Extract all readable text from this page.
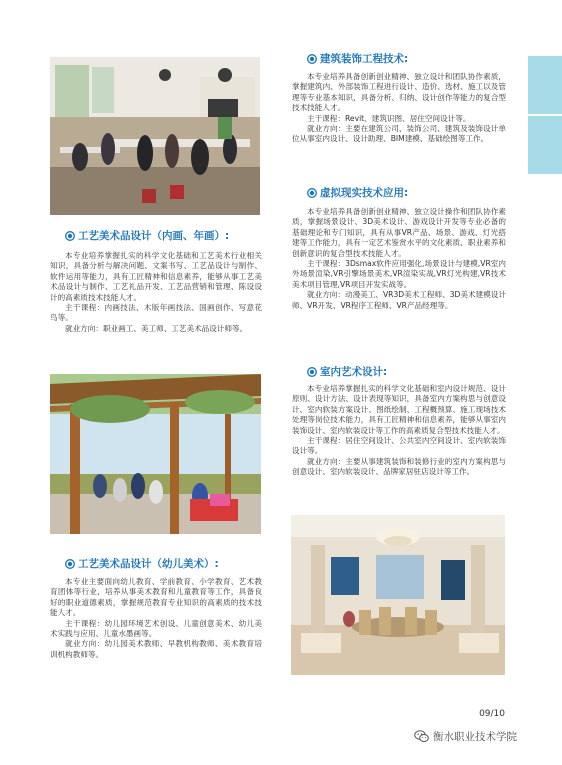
工艺美术品设计（内画、年画）:

本专业培养掌握扎实的科学文化基础和工艺美术行业相关知识，具备分析与解决问题、文案书写、工艺品设计与制作、软件运用等能力，具有工匠精神和信息素养，能够从事工艺美术品设计与制作、工艺礼品开发、工艺品营销和管理、陈设设计的高素质技术技能人才。

主干课程：内画技法、木版年画技法、国画创作、写意花鸟等。

就业方向：职业画工、美工师、工艺美术品设计师等。

工艺美术品设计（幼儿美术）:

本专业主要面向幼儿教育、学前教育、小学教育、艺术教育团体等行业，培养从事美术教育和儿童教育等工作，具备良好的职业道德素质，掌握规范教育专业知识的高素质的技术技能人才。

主干课程：幼儿园环境艺术创设、儿童创意美术、幼儿美术实践与应用、儿童水墨画等。

就业方向：幼儿园美术教师、早教机构教师、美术教育培训机构教师等。

建筑装饰工程技术:

本专业培养具备创新创业精神、独立设计和团队协作素质，掌握建筑内、外部装饰工程进行设计、造价、选材、施工以及管理等专业基本知识，具备分析、归纳、设计创作等能力的复合型技术技能人才。

主干课程：Revit、建筑识图、居住空间设计等。

就业方向：主要在建筑公司、装饰公司、建筑及装饰设计单位从事室内设计、设计助理、BIM建模、基础绘图等工作。

虚拟现实技术应用:

本专业培养具备创新创业精神、独立设计操作和团队协作素质，掌握场景设计、3D美术设计、游戏设计开发等专业必备的基础理论和专门知识，具有从事VR产品、场景、游戏、灯光搭建等工作能力，具有一定艺术鉴赏水平的文化素质、职业素养和创新意识的复合型技术技能人才。

主干课程：3Dsmax软件应用强化,场景设计与建模,VR室内外场景渲染,VR引擎场景美术,VR渲染实战,VR灯光构建,VR技术美术项目管理,VR项目开发实战等。

就业方向：动漫美工、VR3D美术工程师、3D美术建模设计师、VR开发、VR程序工程师、VR产品经理等。

室内艺术设计:

本专业培养掌握扎实的科学文化基础和室内设计规范、设计原则、设计方法、设计表现等知识，具备室内方案构思与创意设计、室内软装方案设计、图纸绘制、工程概预算、施工现场技术处理等岗位技术能力，具有工匠精神和信息素养，能够从事室内装饰设计、室内软装设计等工作的高素质复合型技术技能人才。

主干课程：居住空间设计、公共室内空间设计、室内软装饰设计等。

就业方向：主要从事建筑装饰和装修行业的室内方案构思与创意设计、室内软装设计、品牌家居驻店设计等工作。

09/10
衡水职业技术学院
